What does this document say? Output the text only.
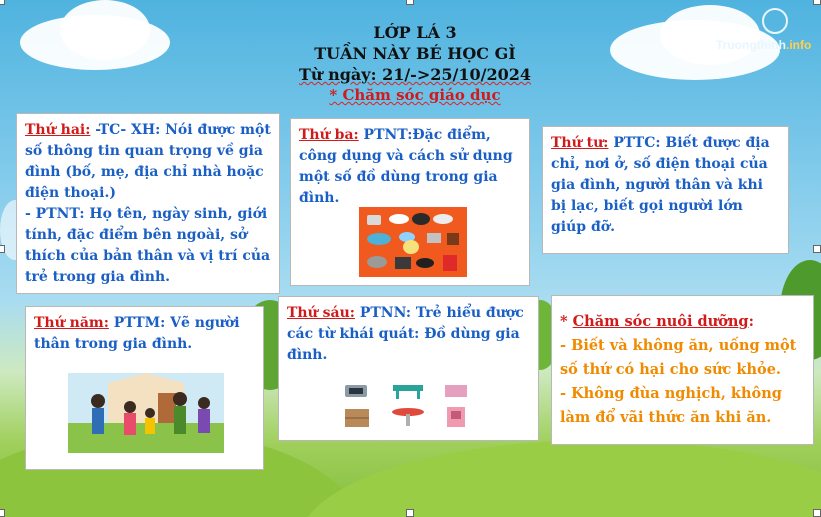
Truongthinh.info
LỚP LÁ 3
TUẦN NÀY BÉ HỌC GÌ
Từ ngày: 21/->25/10/2024
* Chăm sóc giáo dục
Thứ hai: -TC- XH: Nói được một số thông tin quan trọng về gia đình (bố, mẹ, địa chỉ nhà hoặc điện thoại.)
- PTNT: Họ tên, ngày sinh, giới tính, đặc điểm bên ngoài, sở thích của bản thân và vị trí của trẻ trong gia đình.
Thứ ba: PTNT:Đặc điểm, công dụng và cách sử dụng một số đồ dùng trong gia đình.
Thứ tư: PTTC: Biết được địa chỉ, nơi ở, số điện thoại của gia đình, người thân và khi bị lạc, biết gọi người lớn giúp đỡ.
Thứ năm: PTTM: Vẽ người thân trong gia đình.
Thứ sáu: PTNN: Trẻ hiểu được các từ khái quát: Đồ dùng gia đình.
* Chăm sóc nuôi dưỡng:
- Biết và không ăn, uống một số thứ có hại cho sức khỏe.
- Không đùa nghịch, không làm đổ vãi thức ăn khi ăn.
